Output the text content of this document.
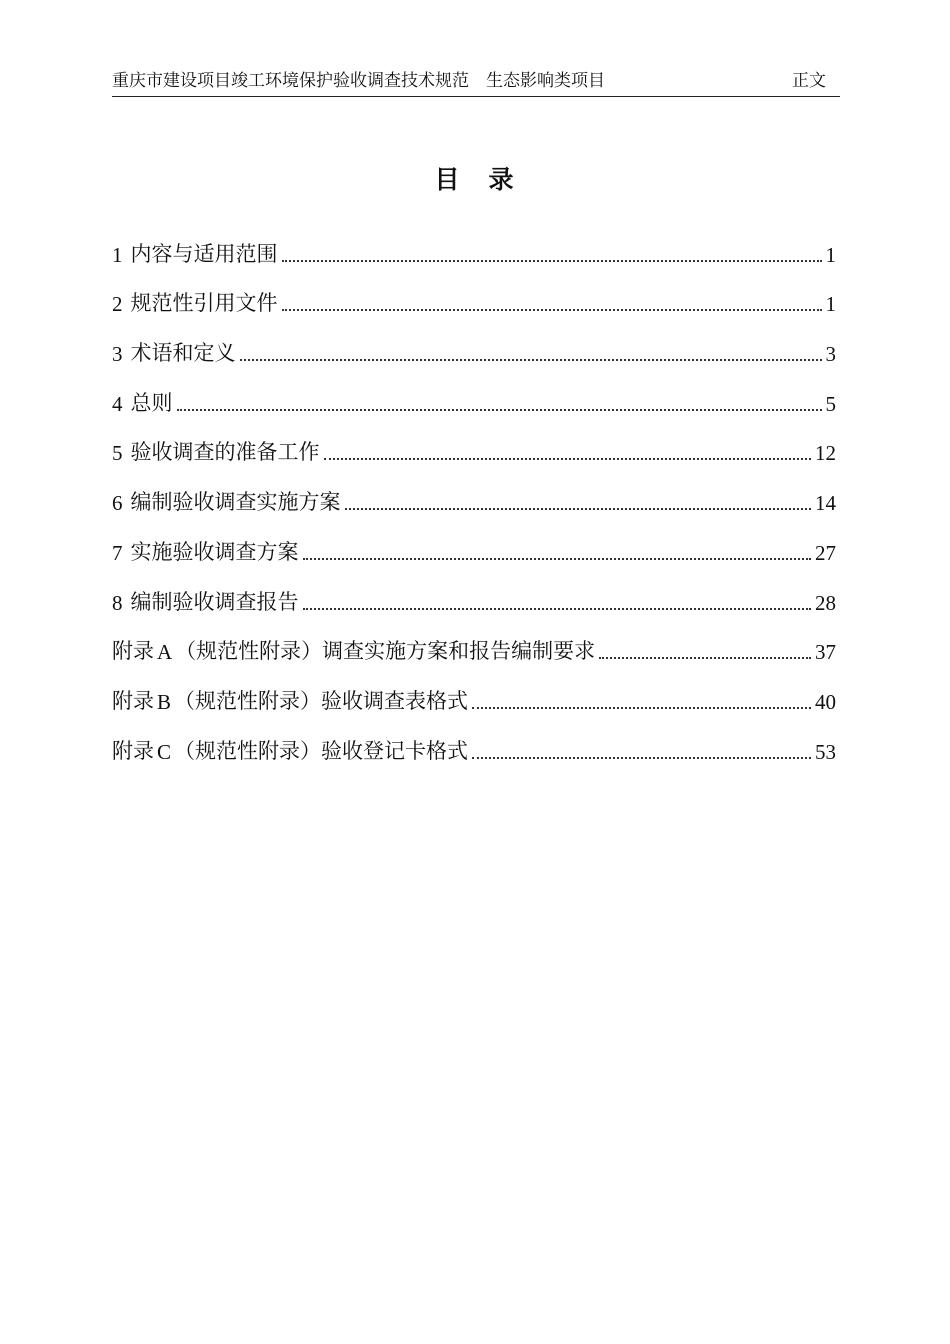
重庆市建设项目竣工环境保护验收调查技术规范　生态影响类项目	正文
目　录
1 内容与适用范围	1
2 规范性引用文件	1
3 术语和定义	3
4 总则	5
5 验收调查的准备工作	12
6 编制验收调查实施方案	14
7 实施验收调查方案	27
8 编制验收调查报告	28
附录 A （规范性附录）调查实施方案和报告编制要求	37
附录 B （规范性附录）验收调查表格式	40
附录 C （规范性附录）验收登记卡格式	53
